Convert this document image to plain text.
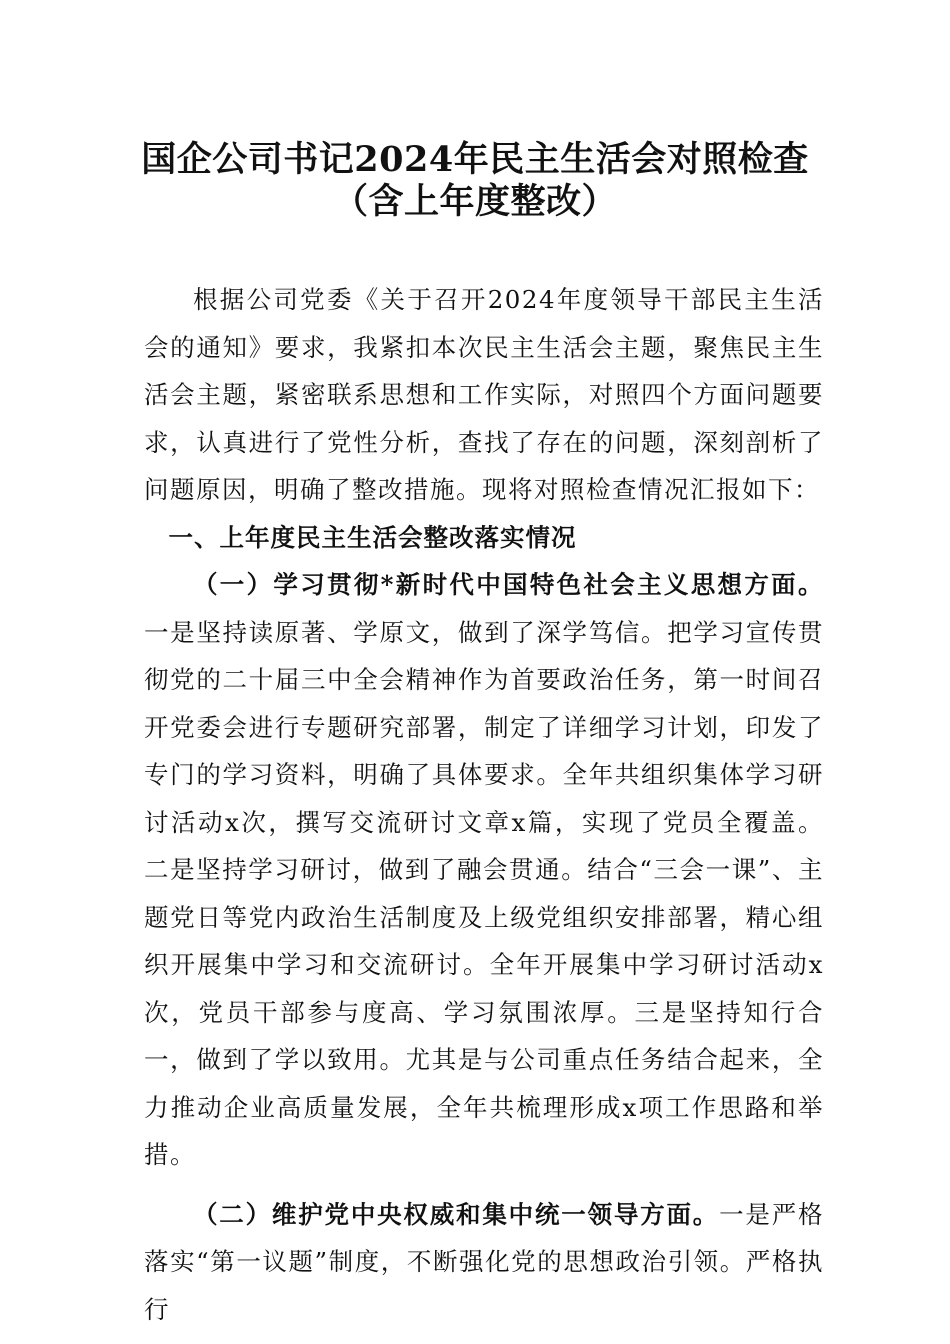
国企公司书记2024年民主生活会对照检查
（含上年度整改）

根据公司党委《关于召开2024年度领导干部民主生活会的通知》要求，我紧扣本次民主生活会主题，聚焦民主生活会主题，紧密联系思想和工作实际，对照四个方面问题要求，认真进行了党性分析，查找了存在的问题，深刻剖析了问题原因，明确了整改措施。现将对照检查情况汇报如下：

一、上年度民主生活会整改落实情况

（一）学习贯彻*新时代中国特色社会主义思想方面。一是坚持读原著、学原文，做到了深学笃信。把学习宣传贯彻党的二十届三中全会精神作为首要政治任务，第一时间召开党委会进行专题研究部署，制定了详细学习计划，印发了专门的学习资料，明确了具体要求。全年共组织集体学习研讨活动x次，撰写交流研讨文章x篇，实现了党员全覆盖。二是坚持学习研讨，做到了融会贯通。结合“三会一课”、主题党日等党内政治生活制度及上级党组织安排部署，精心组织开展集中学习和交流研讨。全年开展集中学习研讨活动x次，党员干部参与度高、学习氛围浓厚。三是坚持知行合一，做到了学以致用。尤其是与公司重点任务结合起来，全力推动企业高质量发展，全年共梳理形成x项工作思路和举措。

（二）维护党中央权威和集中统一领导方面。一是严格落实“第一议题”制度，不断强化党的思想政治引领。严格执行
